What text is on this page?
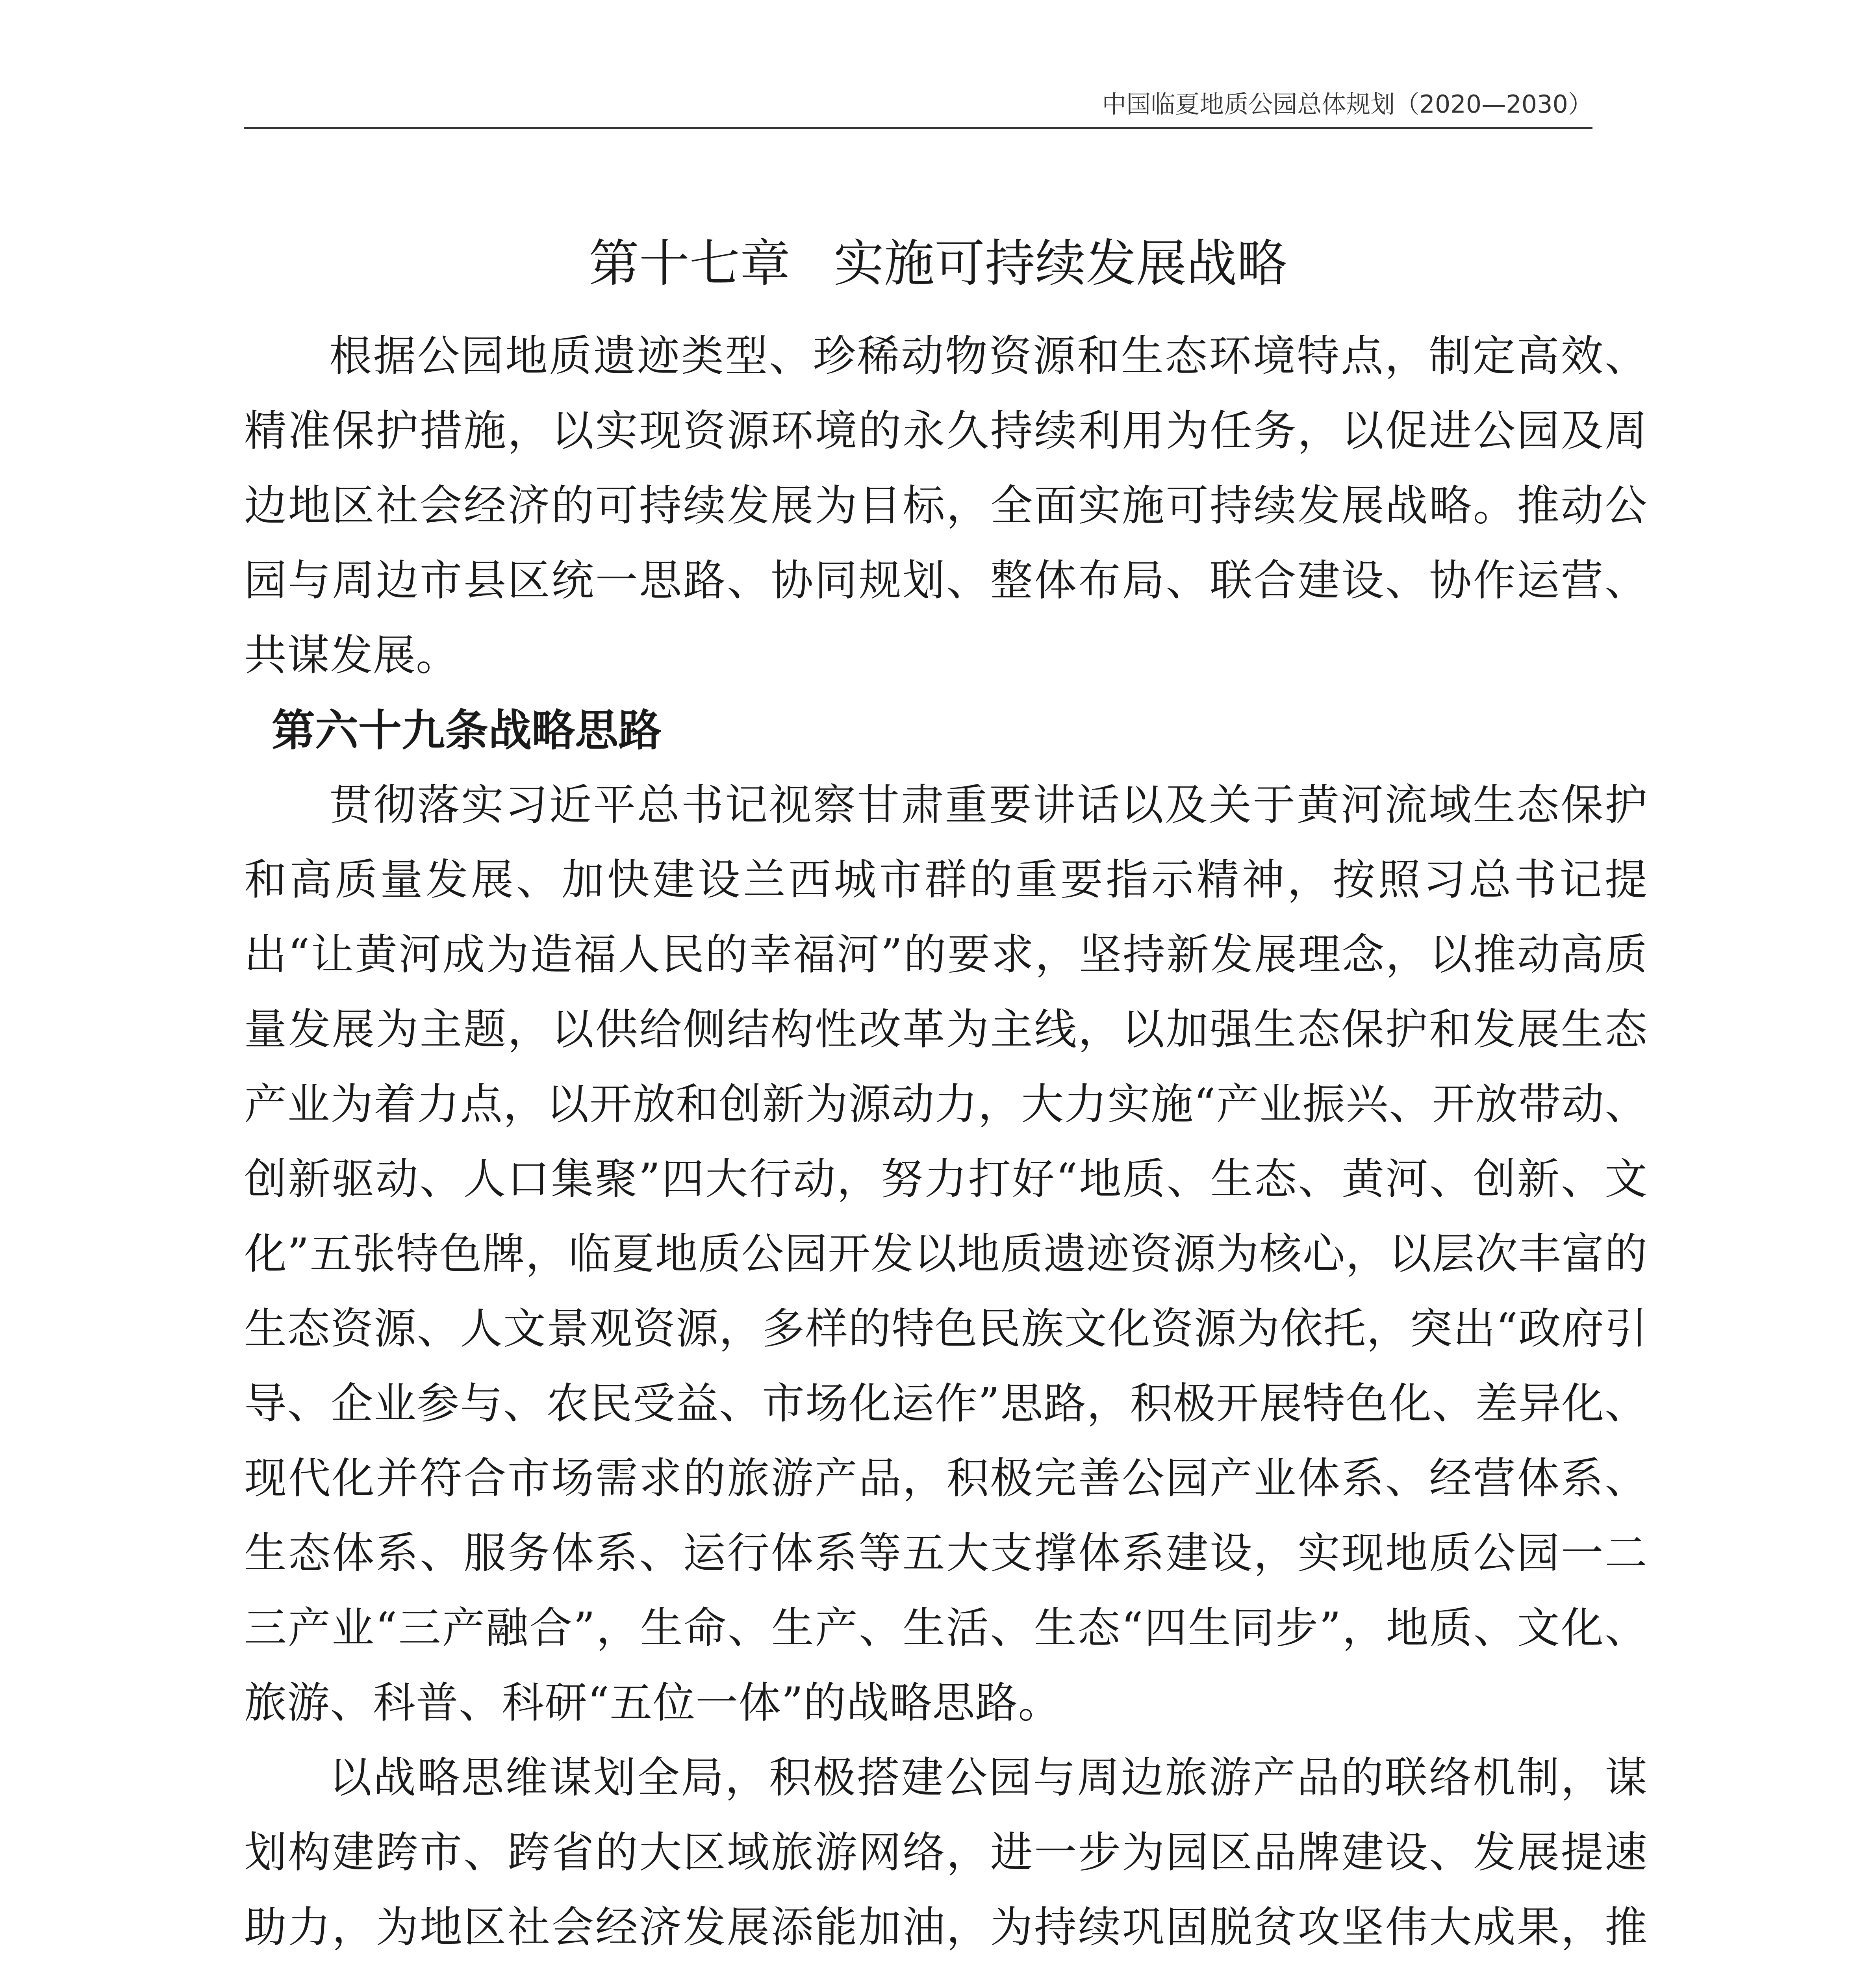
中国临夏地质公园总体规划（2020—2030）
第十七章 实施可持续发展战略

根据公园地质遗迹类型、珍稀动物资源和生态环境特点，制定高效、精准保护措施，以实现资源环境的永久持续利用为任务，以促进公园及周边地区社会经济的可持续发展为目标，全面实施可持续发展战略。推动公园与周边市县区统一思路、协同规划、整体布局、联合建设、协作运营、共谋发展。

第六十九条战略思路

贯彻落实习近平总书记视察甘肃重要讲话以及关于黄河流域生态保护和高质量发展、加快建设兰西城市群的重要指示精神，按照习总书记提出“让黄河成为造福人民的幸福河”的要求，坚持新发展理念，以推动高质量发展为主题，以供给侧结构性改革为主线，以加强生态保护和发展生态产业为着力点，以开放和创新为源动力，大力实施“产业振兴、开放带动、创新驱动、人口集聚”四大行动，努力打好“地质、生态、黄河、创新、文化”五张特色牌，临夏地质公园开发以地质遗迹资源为核心，以层次丰富的生态资源、人文景观资源，多样的特色民族文化资源为依托，突出“政府引导、企业参与、农民受益、市场化运作”思路，积极开展特色化、差异化、现代化并符合市场需求的旅游产品，积极完善公园产业体系、经营体系、生态体系、服务体系、运行体系等五大支撑体系建设，实现地质公园一二三产业“三产融合”，生命、生产、生活、生态“四生同步”，地质、文化、旅游、科普、科研“五位一体”的战略思路。

以战略思维谋划全局，积极搭建公园与周边旅游产品的联络机制，谋划构建跨市、跨省的大区域旅游网络，进一步为园区品牌建设、发展提速助力，为地区社会经济发展添能加油，为持续巩固脱贫攻坚伟大成果，推
